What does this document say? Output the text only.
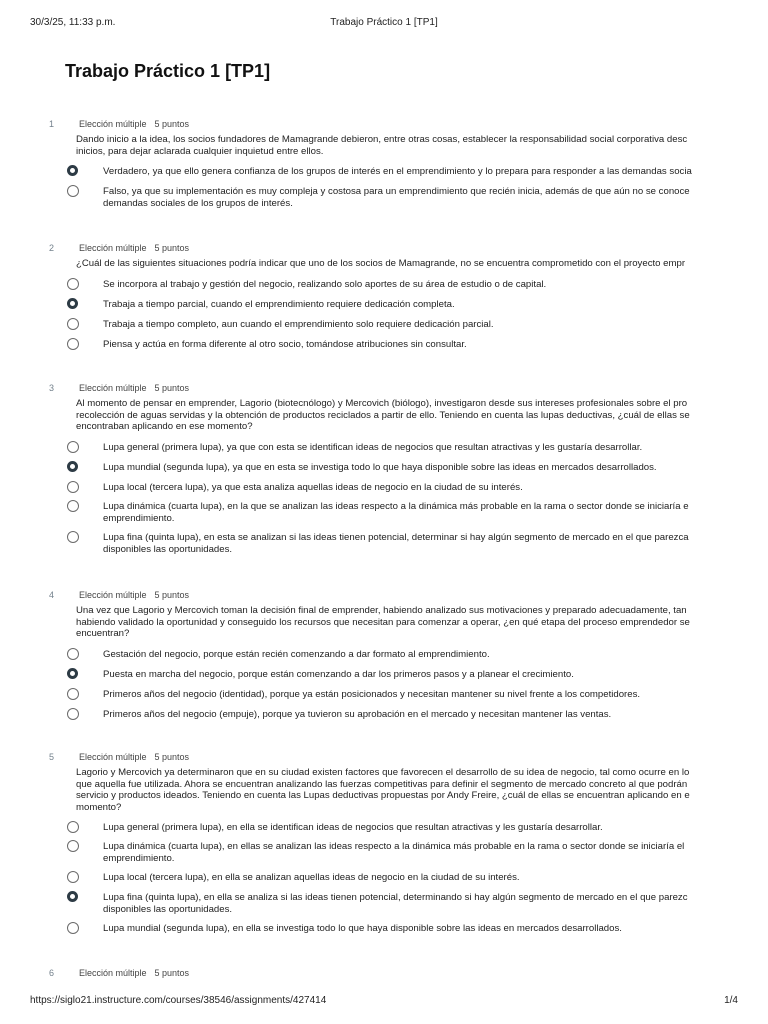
30/3/25, 11:33 p.m.	Trabajo Práctico 1 [TP1]
Trabajo Práctico 1 [TP1]
1	Elección múltiple 5 puntos
Dando inicio a la idea, los socios fundadores de Mamagrande debieron, entre otras cosas, establecer la responsabilidad social corporativa desc
inicios, para dejar aclarada cualquier inquietud entre ellos.
Verdadero, ya que ello genera confianza de los grupos de interés en el emprendimiento y lo prepara para responder a las demandas socia
Falso, ya que su implementación es muy compleja y costosa para un emprendimiento que recién inicia, además de que aún no se conoce
demandas sociales de los grupos de interés.
2	Elección múltiple 5 puntos
¿Cuál de las siguientes situaciones podría indicar que uno de los socios de Mamagrande, no se encuentra comprometido con el proyecto empr
Se incorpora al trabajo y gestión del negocio, realizando solo aportes de su área de estudio o de capital.
Trabaja a tiempo parcial, cuando el emprendimiento requiere dedicación completa.
Trabaja a tiempo completo, aun cuando el emprendimiento solo requiere dedicación parcial.
Piensa y actúa en forma diferente al otro socio, tomándose atribuciones sin consultar.
3	Elección múltiple 5 puntos
Al momento de pensar en emprender, Lagorio (biotecnólogo) y Mercovich (biólogo), investigaron desde sus intereses profesionales sobre el pro
recolección de aguas servidas y la obtención de productos reciclados a partir de ello. Teniendo en cuenta las lupas deductivas, ¿cuál de ellas se
encontraban aplicando en ese momento?
Lupa general (primera lupa), ya que con esta se identifican ideas de negocios que resultan atractivas y les gustaría desarrollar.
Lupa mundial (segunda lupa), ya que en esta se investiga todo lo que haya disponible sobre las ideas en mercados desarrollados.
Lupa local (tercera lupa), ya que esta analiza aquellas ideas de negocio en la ciudad de su interés.
Lupa dinámica (cuarta lupa), en la que se analizan las ideas respecto a la dinámica más probable en la rama o sector donde se iniciaría e
emprendimiento.
Lupa fina (quinta lupa), en esta se analizan si las ideas tienen potencial, determinar si hay algún segmento de mercado en el que parezca
disponibles las oportunidades.
4	Elección múltiple 5 puntos
Una vez que Lagorio y Mercovich toman la decisión final de emprender, habiendo analizado sus motivaciones y preparado adecuadamente, tan
habiendo validado la oportunidad y conseguido los recursos que necesitan para comenzar a operar, ¿en qué etapa del proceso emprendedor se
encuentran?
Gestación del negocio, porque están recién comenzando a dar formato al emprendimiento.
Puesta en marcha del negocio, porque están comenzando a dar los primeros pasos y a planear el crecimiento.
Primeros años del negocio (identidad), porque ya están posicionados y necesitan mantener su nivel frente a los competidores.
Primeros años del negocio (empuje), porque ya tuvieron su aprobación en el mercado y necesitan mantener las ventas.
5	Elección múltiple 5 puntos
Lagorio y Mercovich ya determinaron que en su ciudad existen factores que favorecen el desarrollo de su idea de negocio, tal como ocurre en lo
que aquella fue utilizada. Ahora se encuentran analizando las fuerzas competitivas para definir el segmento de mercado concreto al que podrán
servicio y productos ideados. Teniendo en cuenta las Lupas deductivas propuestas por Andy Freire, ¿cuál de ellas se encuentran aplicando en e
momento?
Lupa general (primera lupa), en ella se identifican ideas de negocios que resultan atractivas y les gustaría desarrollar.
Lupa dinámica (cuarta lupa), en ellas se analizan las ideas respecto a la dinámica más probable en la rama o sector donde se iniciaría el
emprendimiento.
Lupa local (tercera lupa), en ella se analizan aquellas ideas de negocio en la ciudad de su interés.
Lupa fina (quinta lupa), en ella se analiza si las ideas tienen potencial, determinando si hay algún segmento de mercado en el que parezc
disponibles las oportunidades.
Lupa mundial (segunda lupa), en ella se investiga todo lo que haya disponible sobre las ideas en mercados desarrollados.
6	Elección múltiple 5 puntos
https://siglo21.instructure.com/courses/38546/assignments/427414	1/4
